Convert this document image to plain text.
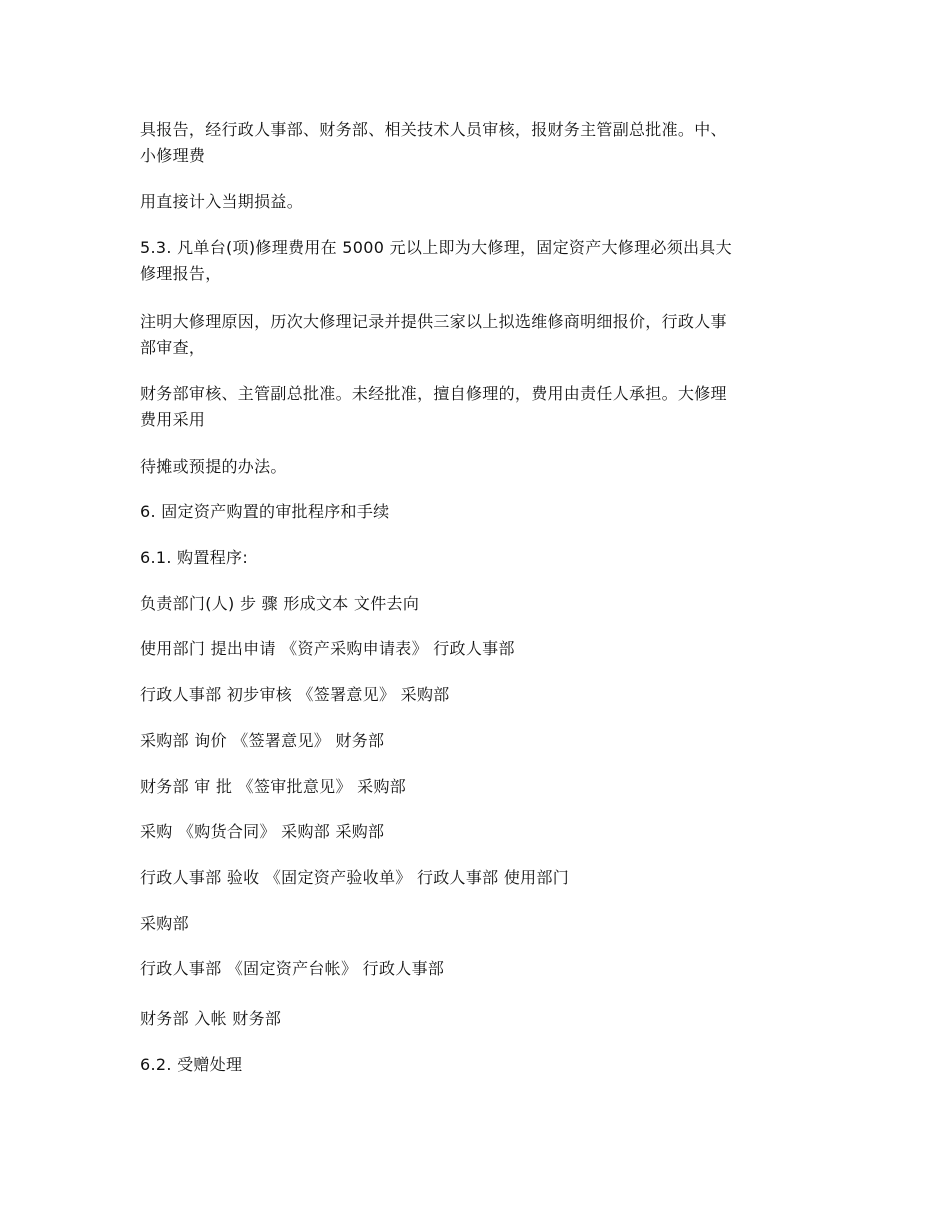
具报告，经行政人事部、财务部、相关技术人员审核，报财务主管副总批准。中、
小修理费
用直接计入当期损益。
5.3. 凡单台(项)修理费用在 5000 元以上即为大修理，固定资产大修理必须出具大
修理报告，
注明大修理原因，历次大修理记录并提供三家以上拟选维修商明细报价，行政人事
部审查，
财务部审核、主管副总批准。未经批准，擅自修理的，费用由责任人承担。大修理
费用采用
待摊或预提的办法。
6. 固定资产购置的审批程序和手续
6.1. 购置程序:
负责部门(人) 步 骤 形成文本 文件去向
使用部门 提出申请 《资产采购申请表》 行政人事部
行政人事部 初步审核 《签署意见》 采购部
采购部 询价 《签署意见》 财务部
财务部 审 批 《签审批意见》 采购部
采购 《购货合同》 采购部 采购部
行政人事部 验收 《固定资产验收单》 行政人事部 使用部门
采购部
行政人事部 《固定资产台帐》 行政人事部
财务部 入帐 财务部
6.2. 受赠处理
